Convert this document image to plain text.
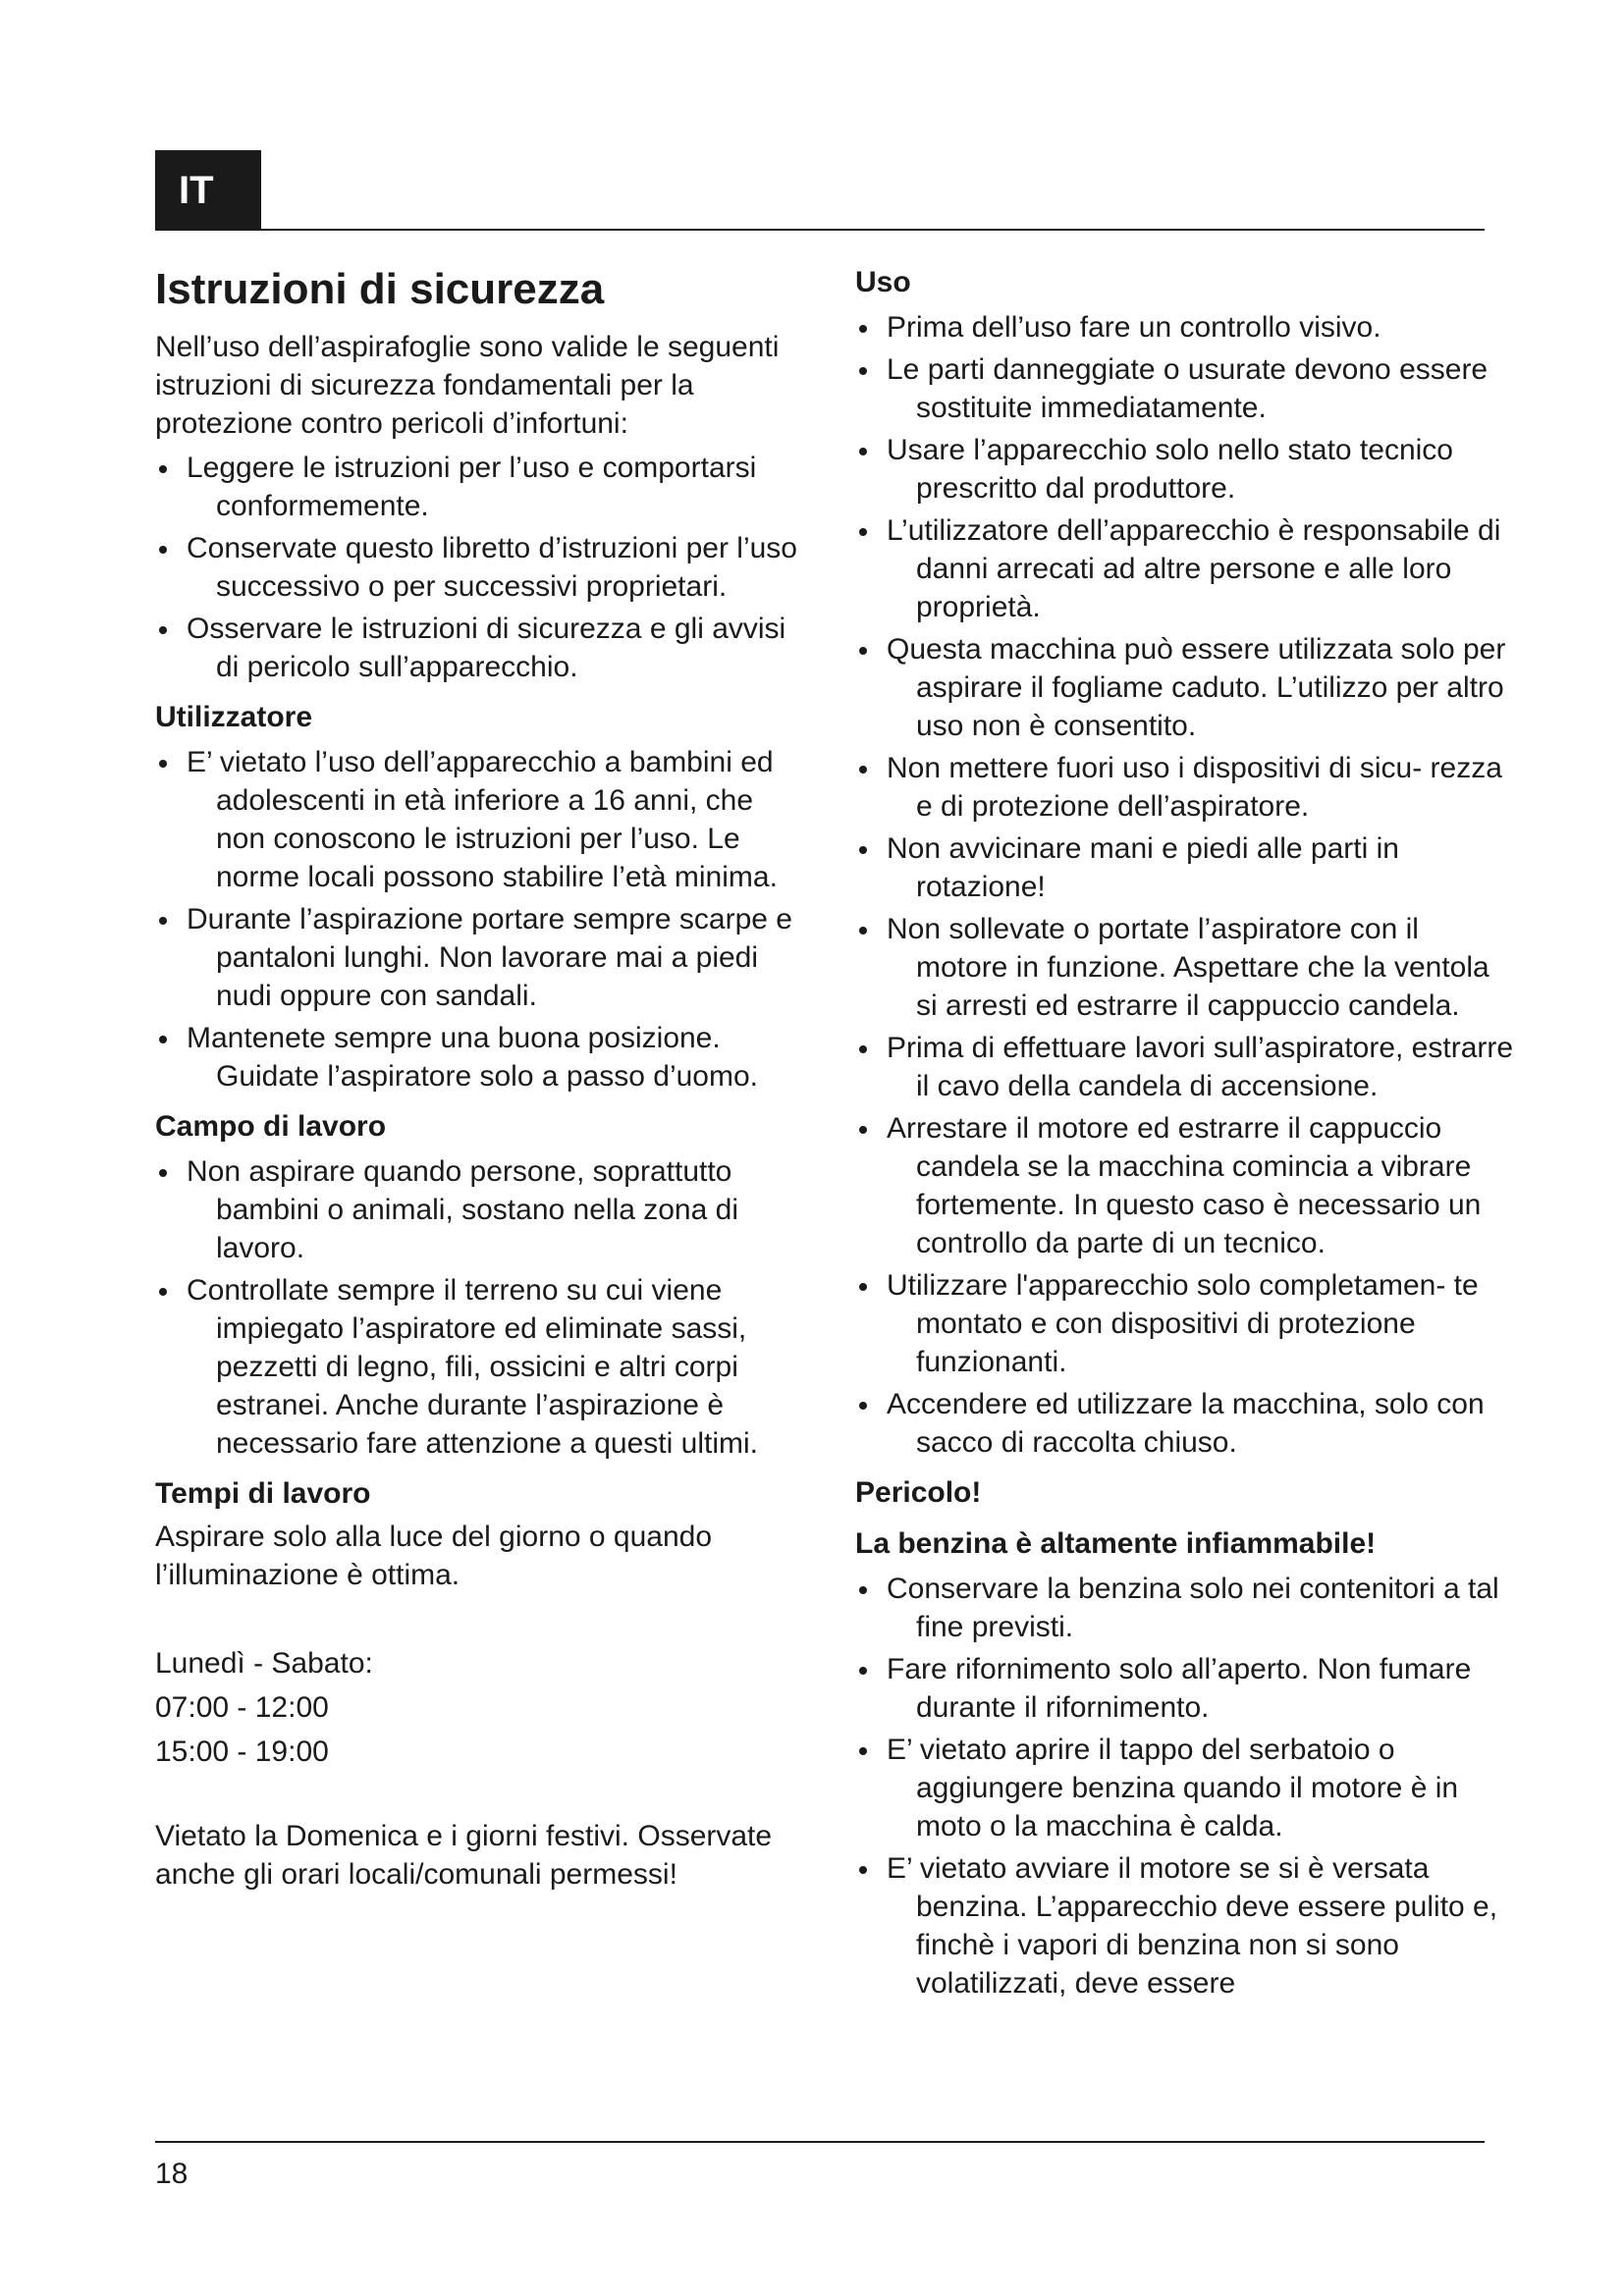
IT
Istruzioni di sicurezza

Nell’uso dell’aspirafoglie sono valide le seguenti istruzioni di sicurezza fondamentali per la protezione contro pericoli d’infortuni:

Leggere le istruzioni per l’uso e comportarsi conformemente.
Conservate questo libretto d’istruzioni per l’uso successivo o per successivi proprietari.
Osservare le istruzioni di sicurezza e gli avvisi di pericolo sull’apparecchio.
Utilizzatore
E’ vietato l’uso dell’apparecchio a bambini ed adolescenti in età inferiore a 16 anni, che non conoscono le istruzioni per l’uso. Le norme locali possono stabilire l’età minima.
Durante l’aspirazione portare sempre scarpe e pantaloni lunghi. Non lavorare mai a piedi nudi oppure con sandali.
Mantenete sempre una buona posizione. Guidate l’aspiratore solo a passo d’uomo.
Campo di lavoro
Non aspirare quando persone, soprattutto bambini o animali, sostano nella zona di lavoro.
Controllate sempre il terreno su cui viene impiegato l’aspiratore ed eliminate sassi, pezzetti di legno, fili, ossicini e altri corpi estranei. Anche durante l’aspirazione è necessario fare attenzione a questi ultimi.
Tempi di lavoro

Aspirare solo alla luce del giorno o quando l’illuminazione è ottima.

Lunedì - Sabato:

07:00 - 12:00

15:00 - 19:00

Vietato la Domenica e i giorni festivi. Osservate anche gli orari locali/comunali permessi!

Uso
Prima dell’uso fare un controllo visivo.
Le parti danneggiate o usurate devono essere sostituite immediatamente.
Usare l’apparecchio solo nello stato tecnico prescritto dal produttore.
L’utilizzatore dell’apparecchio è responsabile di danni arrecati ad altre persone e alle loro proprietà.
Questa macchina può essere utilizzata solo per aspirare il fogliame caduto. L’utilizzo per altro uso non è consentito.
Non mettere fuori uso i dispositivi di sicu- rezza e di protezione dell’aspiratore.
Non avvicinare mani e piedi alle parti in rotazione!
Non sollevate o portate l’aspiratore con il motore in funzione. Aspettare che la ventola si arresti ed estrarre il cappuccio candela.
Prima di effettuare lavori sull’aspiratore, estrarre il cavo della candela di accensione.
Arrestare il motore ed estrarre il cappuccio candela se la macchina comincia a vibrare fortemente. In questo caso è necessario un controllo da parte di un tecnico.
Utilizzare l'apparecchio solo completamen- te montato e con dispositivi di protezione funzionanti.
Accendere ed utilizzare la macchina, solo con sacco di raccolta chiuso.
Pericolo!
La benzina è altamente infiammabile!
Conservare la benzina solo nei contenitori a tal fine previsti.
Fare rifornimento solo all’aperto. Non fumare durante il rifornimento.
E’ vietato aprire il tappo del serbatoio o aggiungere benzina quando il motore è in moto o la macchina è calda.
E’ vietato avviare il motore se si è versata benzina. L’apparecchio deve essere pulito e, finchè i vapori di benzina non si sono volatilizzati, deve essere
18
